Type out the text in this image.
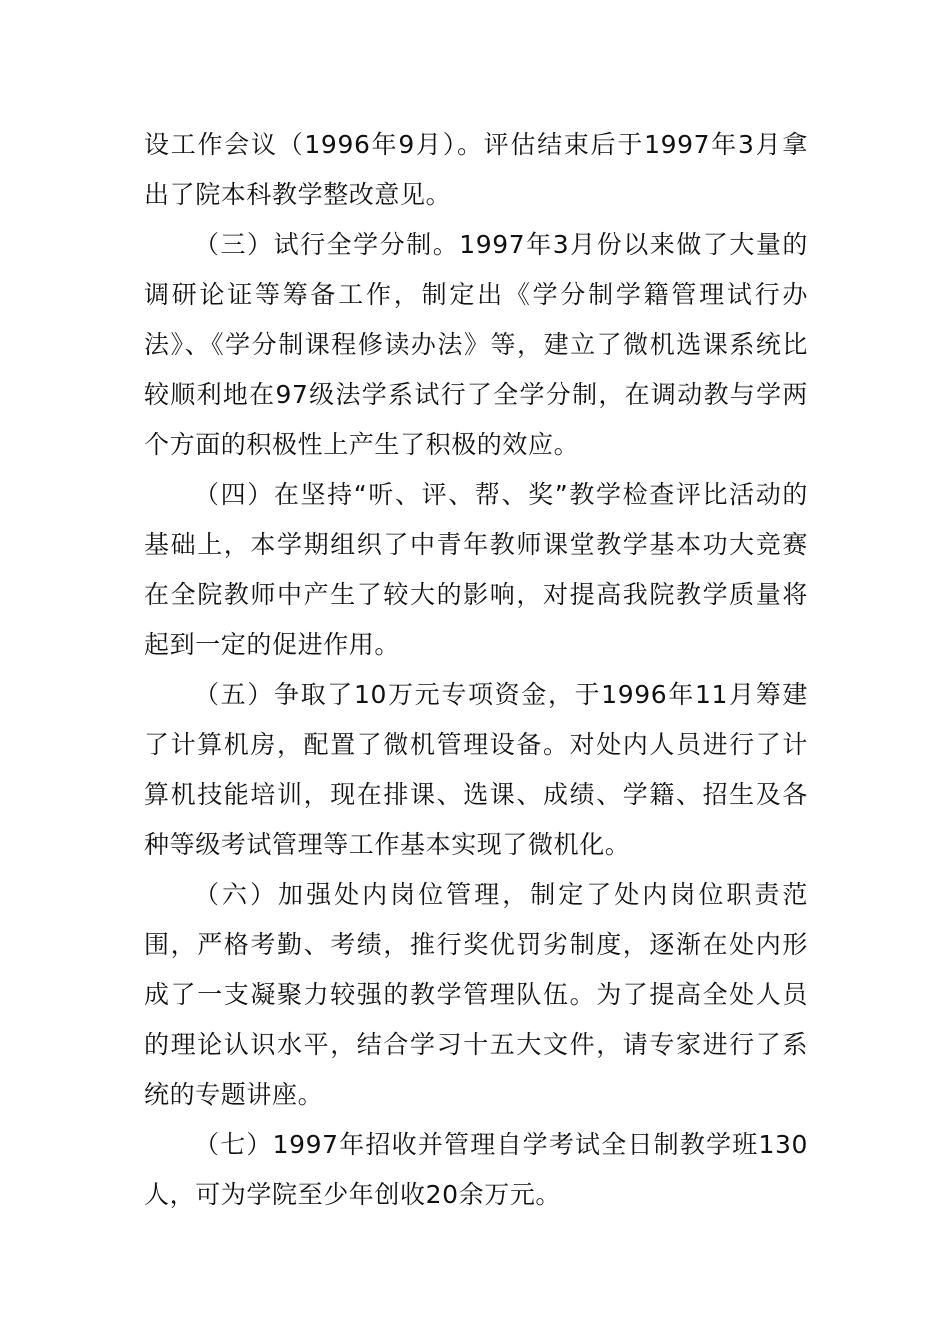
设工作会议（1996年9月）。评估结束后于1997年3月拿出了院本科教学整改意见。

（三）试行全学分制。1997年3月份以来做了大量的调研论证等筹备工作，制定出《学分制学籍管理试行办法》、《学分制课程修读办法》等，建立了微机选课系统比较顺利地在97级法学系试行了全学分制，在调动教与学两个方面的积极性上产生了积极的效应。

（四）在坚持“听、评、帮、奖”教学检查评比活动的基础上，本学期组织了中青年教师课堂教学基本功大竞赛在全院教师中产生了较大的影响，对提高我院教学质量将起到一定的促进作用。

（五）争取了10万元专项资金，于1996年11月筹建了计算机房，配置了微机管理设备。对处内人员进行了计算机技能培训，现在排课、选课、成绩、学籍、招生及各种等级考试管理等工作基本实现了微机化。

（六）加强处内岗位管理，制定了处内岗位职责范围，严格考勤、考绩，推行奖优罚劣制度，逐渐在处内形成了一支凝聚力较强的教学管理队伍。为了提高全处人员的理论认识水平，结合学习十五大文件，请专家进行了系统的专题讲座。

（七）1997年招收并管理自学考试全日制教学班130人，可为学院至少年创收20余万元。
